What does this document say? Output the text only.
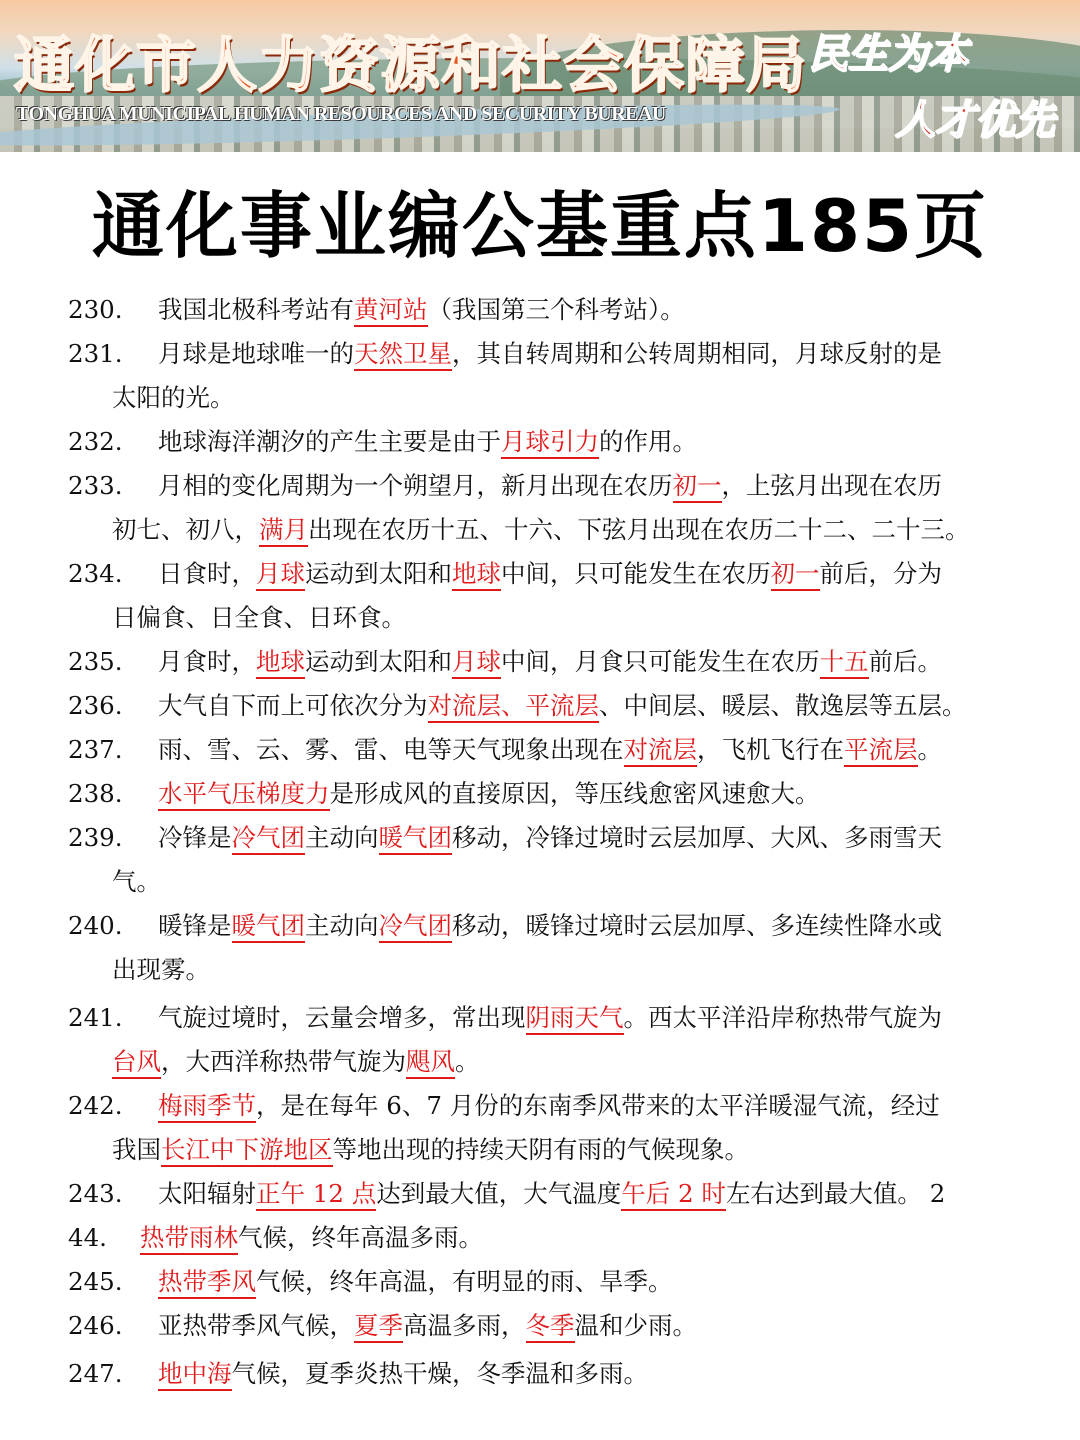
通化市人力资源和社会保障局
TONGHUA MUNICIPAL HUMAN RESOURCES AND SECURITY BUREAU
民生为本
人才优先
通化事业编公基重点185页
230. 我国北极科考站有黄河站（我国第三个科考站）。
231. 月球是地球唯一的天然卫星，其自转周期和公转周期相同，月球反射的是
太阳的光。
232. 地球海洋潮汐的产生主要是由于月球引力的作用。
233. 月相的变化周期为一个朔望月，新月出现在农历初一，上弦月出现在农历
初七、初八，满月出现在农历十五、十六、下弦月出现在农历二十二、二十三。
234. 日食时，月球运动到太阳和地球中间，只可能发生在农历初一前后，分为
日偏食、日全食、日环食。
235. 月食时，地球运动到太阳和月球中间，月食只可能发生在农历十五前后。
236. 大气自下而上可依次分为对流层、平流层、中间层、暖层、散逸层等五层。
237. 雨、雪、云、雾、雷、电等天气现象出现在对流层，飞机飞行在平流层。
238. 水平气压梯度力是形成风的直接原因，等压线愈密风速愈大。
239. 冷锋是冷气团主动向暖气团移动，冷锋过境时云层加厚、大风、多雨雪天
气。
240. 暖锋是暖气团主动向冷气团移动，暖锋过境时云层加厚、多连续性降水或
出现雾。
241. 气旋过境时，云量会增多，常出现阴雨天气。西太平洋沿岸称热带气旋为
台风，大西洋称热带气旋为飓风。
242. 梅雨季节，是在每年 6、7 月份的东南季风带来的太平洋暖湿气流，经过
我国长江中下游地区等地出现的持续天阴有雨的气候现象。
243. 太阳辐射正午 12 点达到最大值，大气温度午后 2 时左右达到最大值。 2
44. 热带雨林气候，终年高温多雨。
245. 热带季风气候，终年高温，有明显的雨、旱季。
246. 亚热带季风气候，夏季高温多雨，冬季温和少雨。
247. 地中海气候，夏季炎热干燥，冬季温和多雨。
